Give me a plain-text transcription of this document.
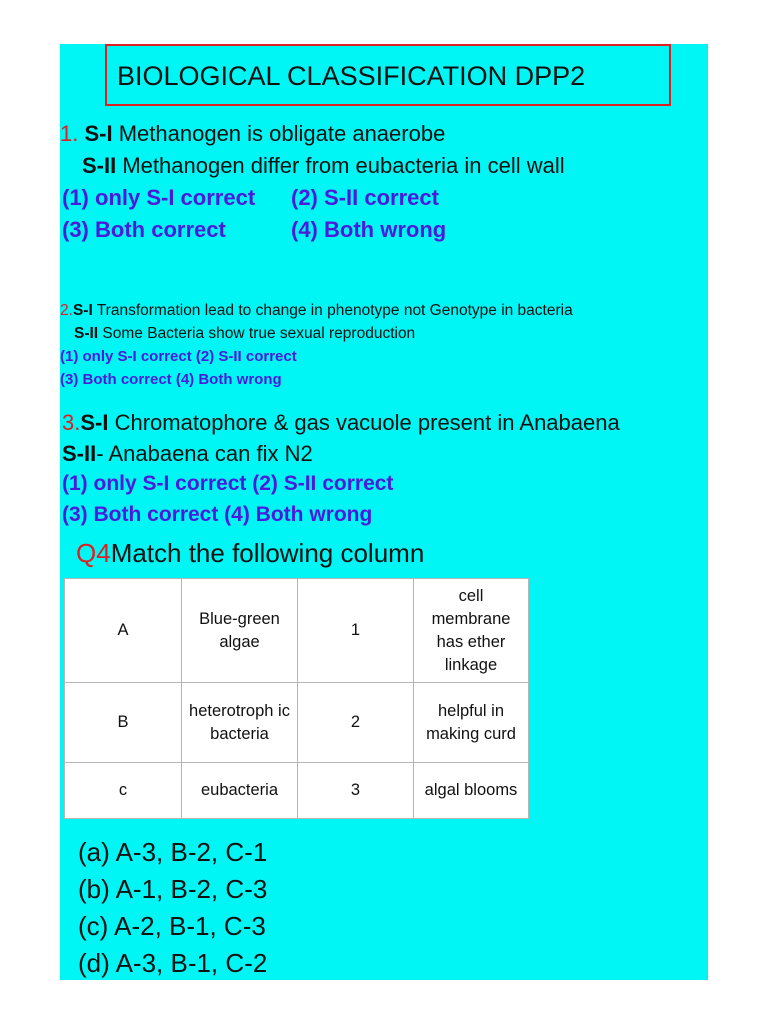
BIOLOGICAL CLASSIFICATION DPP2
1. S-I Methanogen is obligate anaerobe
S-II Methanogen differ from eubacteria in cell wall
(1) only S-I correct (2) S-II correct
(3) Both correct	(4) Both wrong
2.S-I Transformation lead to change in phenotype not Genotype in bacteria
S-II Some Bacteria show true sexual reproduction
(1) only S-I correct (2) S-II correct
(3) Both correct (4) Both wrong
3.S-I Chromatophore & gas vacuole present in Anabaena
S-II- Anabaena can fix N2
(1) only S-I correct (2) S-II correct
(3) Both correct (4) Both wrong
Q4Match the following column
A	Blue-green algae	1	cell membrane has ether linkage
B	heterotroph ic bacteria	2	helpful in making curd
c	eubacteria	3	algal blooms
(a) A-3, B-2, C-1
(b) A-1, B-2, C-3
(c) A-2, B-1, C-3
(d) A-3, B-1, C-2
